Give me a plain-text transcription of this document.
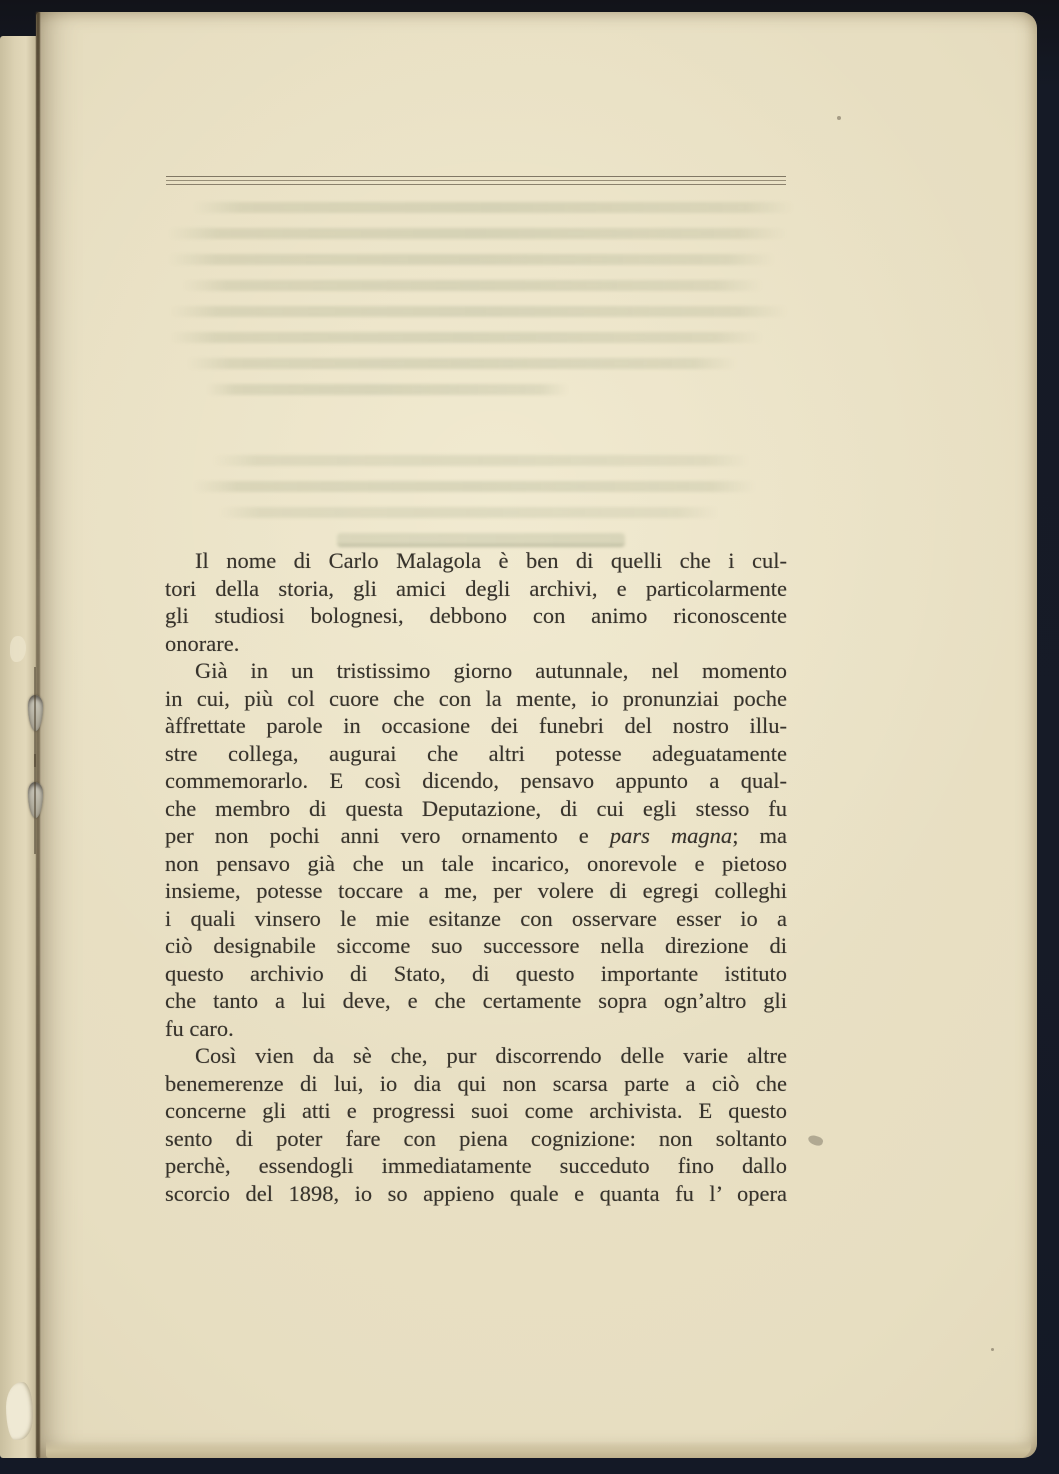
Il nome di Carlo Malagola è ben di quelli che i cul-
tori della storia, gli amici degli archivi, e particolarmente
gli studiosi bolognesi, debbono con animo riconoscente
onorare.
Già in un tristissimo giorno autunnale, nel momento
in cui, più col cuore che con la mente, io pronunziai poche
àffrettate parole in occasione dei funebri del nostro illu-
stre collega, augurai che altri potesse adeguatamente
commemorarlo. E così dicendo, pensavo appunto a qual-
che membro di questa Deputazione, di cui egli stesso fu
per non pochi anni vero ornamento e pars magna; ma
non pensavo già che un tale incarico, onorevole e pietoso
insieme, potesse toccare a me, per volere di egregi colleghi
i quali vinsero le mie esitanze con osservare esser io a
ciò designabile siccome suo successore nella direzione di
questo archivio di Stato, di questo importante istituto
che tanto a lui deve, e che certamente sopra ogn’altro gli
fu caro.
Così vien da sè che, pur discorrendo delle varie altre
benemerenze di lui, io dia qui non scarsa parte a ciò che
concerne gli atti e progressi suoi come archivista. E questo
sento di poter fare con piena cognizione: non soltanto
perchè, essendogli immediatamente succeduto fino dallo
scorcio del 1898, io so appieno quale e quanta fu l’ opera
